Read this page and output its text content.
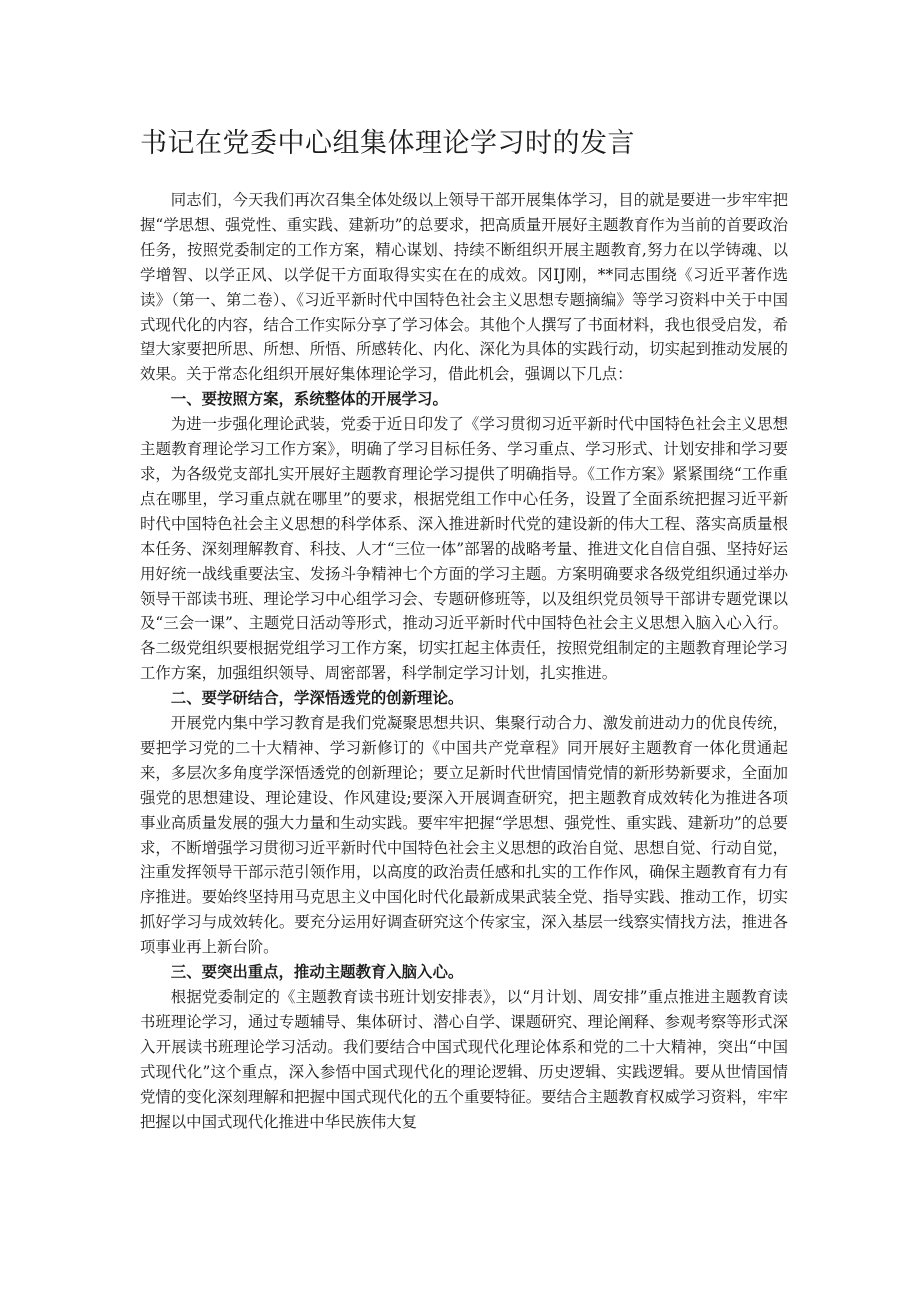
书记在党委中心组集体理论学习时的发言

同志们，今天我们再次召集全体处级以上领导干部开展集体学习，目的就是要进一步牢牢把握“学思想、强党性、重实践、建新功”的总要求，把高质量开展好主题教育作为当前的首要政治任务，按照党委制定的工作方案，精心谋划、持续不断组织开展主题教育,努力在以学铸魂、以学增智、以学正风、以学促干方面取得实实在在的成效。冈IJ刚，**同志围绕《习近平著作选读》（第一、第二卷）、《习近平新时代中国特色社会主义思想专题摘编》等学习资料中关于中国式现代化的内容，结合工作实际分享了学习体会。其他个人撰写了书面材料，我也很受启发，希望大家要把所思、所想、所悟、所感转化、内化、深化为具体的实践行动，切实起到推动发展的效果。关于常态化组织开展好集体理论学习，借此机会，强调以下几点：

一、要按照方案，系统整体的开展学习。

为进一步强化理论武装，党委于近日印发了《学习贯彻习近平新时代中国特色社会主义思想主题教育理论学习工作方案》，明确了学习目标任务、学习重点、学习形式、计划安排和学习要求，为各级党支部扎实开展好主题教育理论学习提供了明确指导。《工作方案》紧紧围绕“工作重点在哪里，学习重点就在哪里”的要求，根据党组工作中心任务，设置了全面系统把握习近平新时代中国特色社会主义思想的科学体系、深入推进新时代党的建设新的伟大工程、落实高质量根本任务、深刻理解教育、科技、人才“三位一体”部署的战略考量、推进文化自信自强、坚持好运用好统一战线重要法宝、发扬斗争精神七个方面的学习主题。方案明确要求各级党组织通过举办领导干部读书班、理论学习中心组学习会、专题研修班等，以及组织党员领导干部讲专题党课以及“三会一课”、主题党日活动等形式，推动习近平新时代中国特色社会主义思想入脑入心入行。各二级党组织要根据党组学习工作方案，切实扛起主体责任，按照党组制定的主题教育理论学习工作方案，加强组织领导、周密部署，科学制定学习计划，扎实推进。

二、要学研结合，学深悟透党的创新理论。

开展党内集中学习教育是我们党凝聚思想共识、集聚行动合力、激发前进动力的优良传统，要把学习党的二十大精神、学习新修订的《中国共产党章程》同开展好主题教育一体化贯通起来，多层次多角度学深悟透党的创新理论；要立足新时代世情国情党情的新形势新要求，全面加强党的思想建设、理论建设、作风建设;要深入开展调查研究，把主题教育成效转化为推进各项事业高质量发展的强大力量和生动实践。要牢牢把握“学思想、强党性、重实践、建新功”的总要求，不断增强学习贯彻习近平新时代中国特色社会主义思想的政治自觉、思想自觉、行动自觉，注重发挥领导干部示范引领作用，以高度的政治责任感和扎实的工作作风，确保主题教育有力有序推进。要始终坚持用马克思主义中国化时代化最新成果武装全党、指导实践、推动工作，切实抓好学习与成效转化。要充分运用好调查研究这个传家宝，深入基层一线察实情找方法，推进各项事业再上新台阶。

三、要突出重点，推动主题教育入脑入心。

根据党委制定的《主题教育读书班计划安排表》，以“月计划、周安排”重点推进主题教育读书班理论学习，通过专题辅导、集体研讨、潜心自学、课题研究、理论阐释、参观考察等形式深入开展读书班理论学习活动。我们要结合中国式现代化理论体系和党的二十大精神，突出“中国式现代化”这个重点，深入参悟中国式现代化的理论逻辑、历史逻辑、实践逻辑。要从世情国情党情的变化深刻理解和把握中国式现代化的五个重要特征。要结合主题教育权威学习资料，牢牢把握以中国式现代化推进中华民族伟大复
